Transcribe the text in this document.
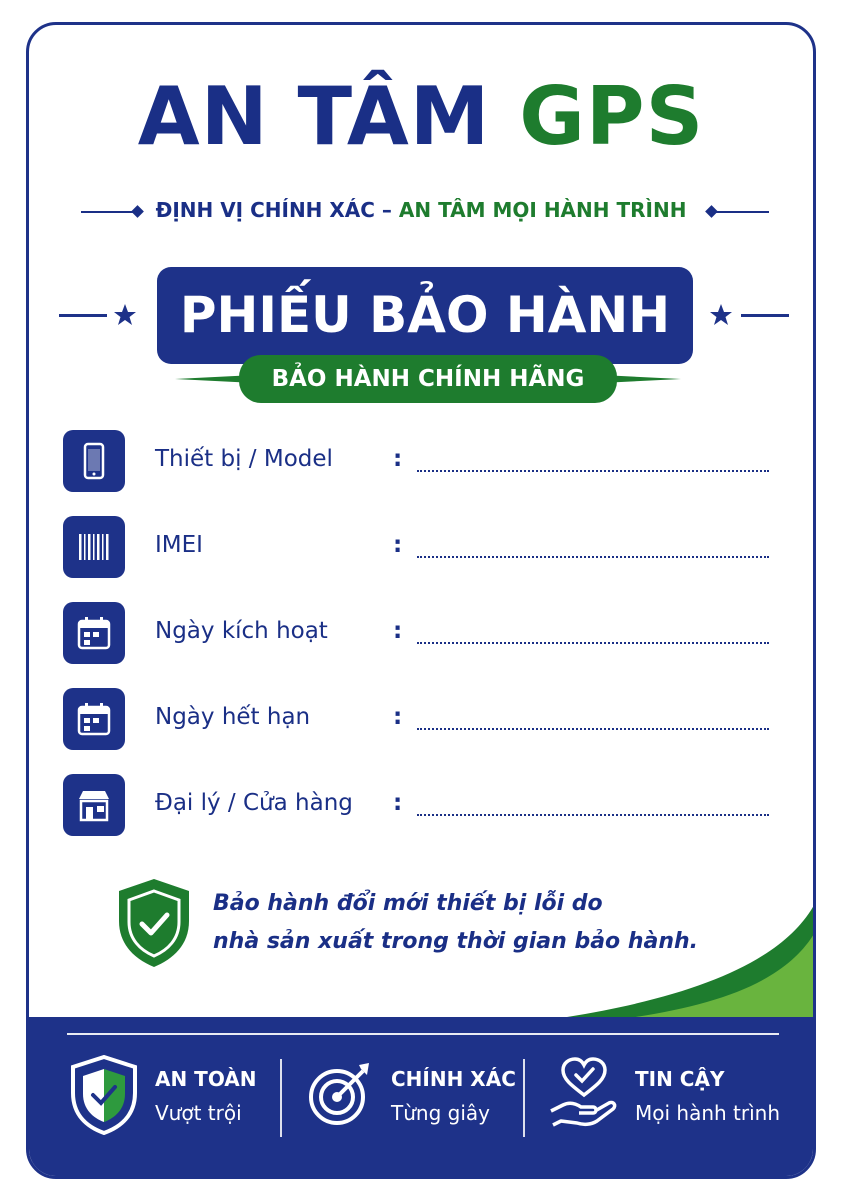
AN TÂM GPS
ĐỊNH VỊ CHÍNH XÁC – AN TÂM MỌI HÀNH TRÌNH
PHIẾU BẢO HÀNH
BẢO HÀNH CHÍNH HÃNG
Thiết bị / Model	:
IMEI	:
Ngày kích hoạt	:
Ngày hết hạn	:
Đại lý / Cửa hàng :
Bảo hành đổi mới thiết bị lỗi do
nhà sản xuất trong thời gian bảo hành.
AN TOÀN
Vượt trội
CHÍNH XÁC
Từng giây
TIN CẬY
Mọi hành trình
